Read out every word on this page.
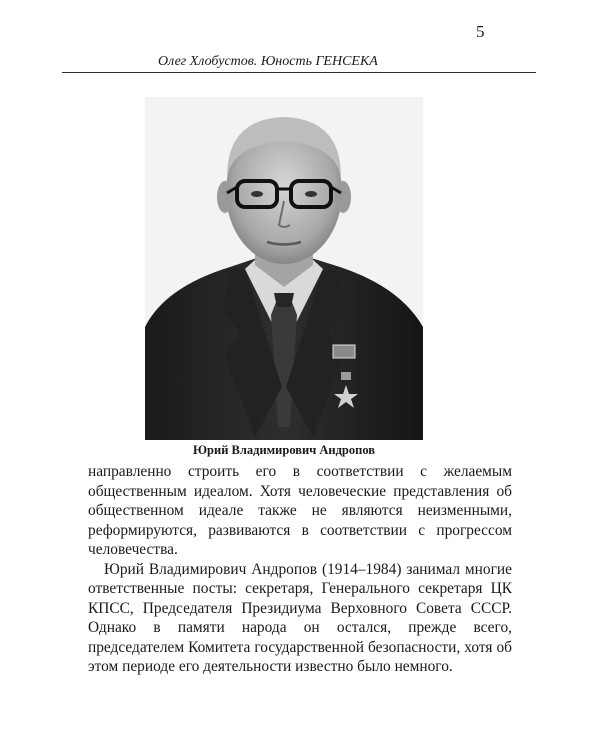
5
Олег Хлобустов. Юность ГЕНСЕКА
Юрий Владимирович Андропов

направленно строить его в соответствии с желаемым общественным идеалом. Хотя человеческие представления об общественном идеале также не являются неизменными, реформируются, развиваются в соответствии с прогрессом человечества.

Юрий Владимирович Андропов (1914–1984) занимал многие ответственные посты: секретаря, Генерального секретаря ЦК КПСС, Председателя Президиума Верховного Совета СССР. Однако в памяти народа он остался, прежде всего, председателем Комитета государственной безопасности, хотя об этом периоде его деятельности известно было немного.
